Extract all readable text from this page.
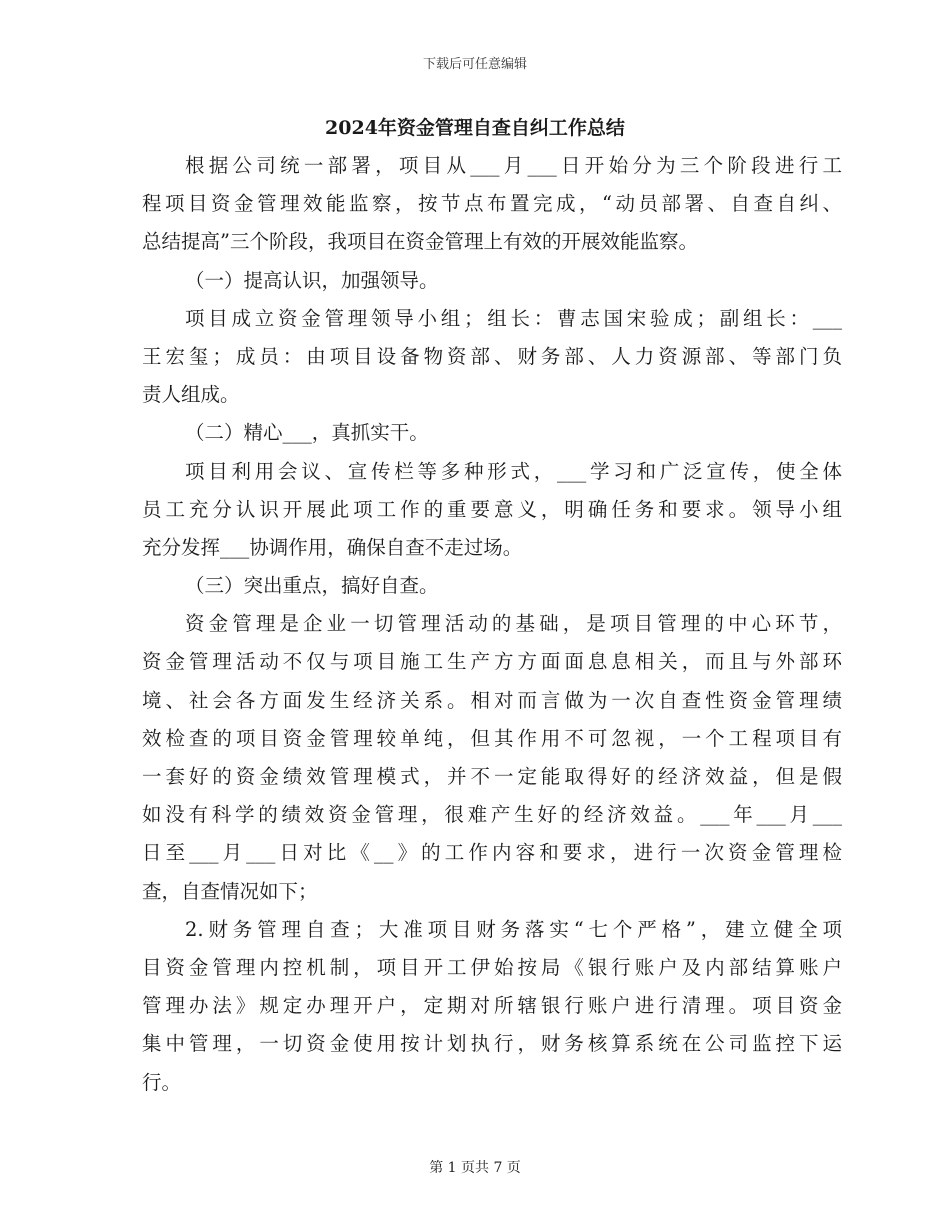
下载后可任意编辑
2024年资金管理自查自纠工作总结
根据公司统一部署，项目从___月___日开始分为三个阶段进行工
程项目资金管理效能监察，按节点布置完成，“动员部署、自查自纠、
总结提高”三个阶段，我项目在资金管理上有效的开展效能监察。
（一）提高认识，加强领导。
项目成立资金管理领导小组；组长：曹志国宋验成；副组长：___
王宏玺；成员：由项目设备物资部、财务部、人力资源部、等部门负
责人组成。
（二）精心___，真抓实干。
项目利用会议、宣传栏等多种形式，___学习和广泛宣传，使全体
员工充分认识开展此项工作的重要意义，明确任务和要求。领导小组
充分发挥___协调作用，确保自查不走过场。
（三）突出重点，搞好自查。
资金管理是企业一切管理活动的基础，是项目管理的中心环节，
资金管理活动不仅与项目施工生产方方面面息息相关，而且与外部环
境、社会各方面发生经济关系。相对而言做为一次自查性资金管理绩
效检查的项目资金管理较单纯，但其作用不可忽视，一个工程项目有
一套好的资金绩效管理模式，并不一定能取得好的经济效益，但是假
如没有科学的绩效资金管理，很难产生好的经济效益。___年___月___
日至___月___日对比《__》的工作内容和要求，进行一次资金管理检
查，自查情况如下；
2.财务管理自查；大准项目财务落实“七个严格”，建立健全项
目资金管理内控机制，项目开工伊始按局《银行账户及内部结算账户
管理办法》规定办理开户，定期对所辖银行账户进行清理。项目资金
集中管理，一切资金使用按计划执行，财务核算系统在公司监控下运
行。
第 1 页共 7 页
